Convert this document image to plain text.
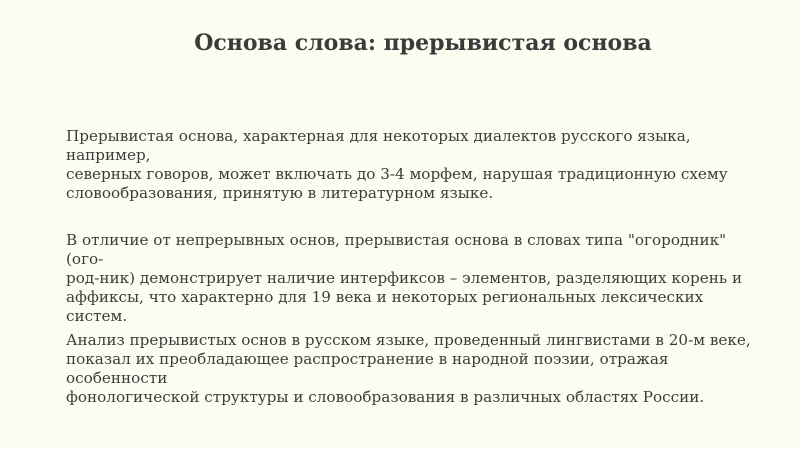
Основа слова: прерывистая основа

Прерывистая основа, характерная для некоторых диалектов русского языка, например,
северных говоров, может включать до 3-4 морфем, нарушая традиционную схему
словообразования, принятую в литературном языке.

В отличие от непрерывных основ, прерывистая основа в словах типа "огородник" (ого-
род-ник) демонстрирует наличие интерфиксов – элементов, разделяющих корень и
аффиксы, что характерно для 19 века и некоторых региональных лексических систем.

Анализ прерывистых основ в русском языке, проведенный лингвистами в 20-м веке,
показал их преобладающее распространение в народной поэзии, отражая особенности
фонологической структуры и словообразования в различных областях России.
